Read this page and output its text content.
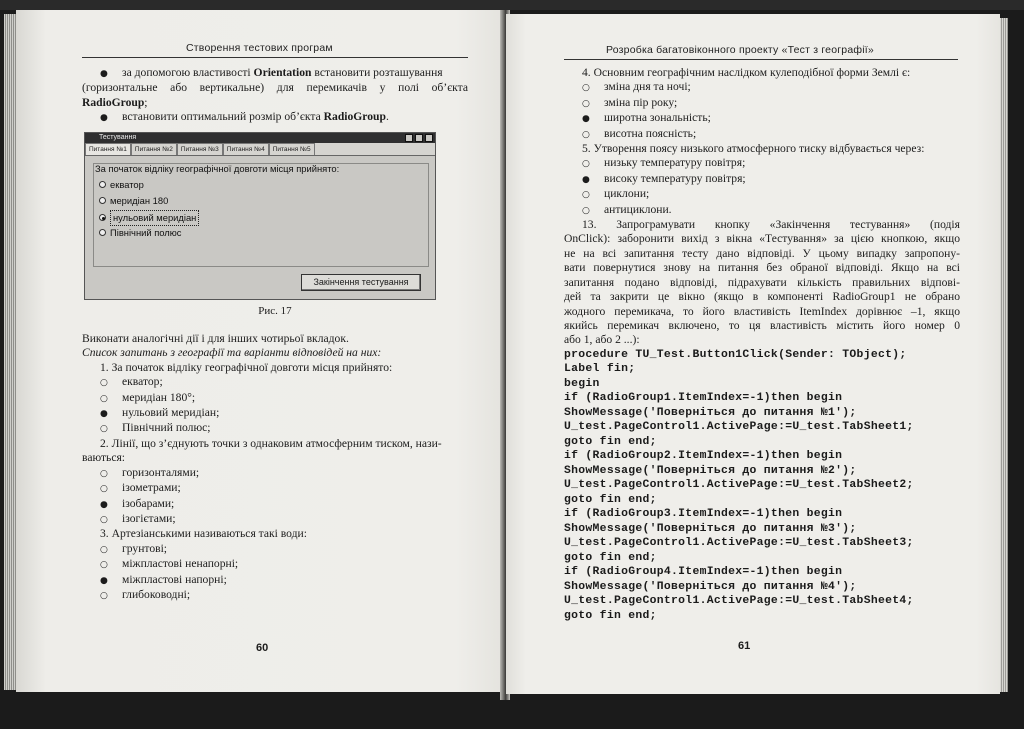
Створення тестових програм
● за допомогою властивості Orientation встановити розташування
(горизонтальне або вертикальне) для перемикачів у полі об’єкта
RadioGroup;
● встановити оптимальний розмір об’єкта RadioGroup.
Тестування
Питання №1	Питання №2	Питання №3	Питання №4	Питання №5
За початок відліку географічної довготи місця прийнято:
екватор
меридіан 180
нульовий меридіан
Північний полюс
Закінчення тестування
Рис. 17
Виконати аналогічні дії і для інших чотирьої вкладок.
Список запитань з географії та варіанти відповідей на них:
1. За початок відліку географічної довготи місця прийнято:
○ екватор;
○ меридіан 180°;
● нульовий меридіан;
○ Північний полюс;
2. Лінії, що з’єднують точки з однаковим атмосферним тиском, нази-
ваються:
○ горизонталями;
○ ізометрами;
● ізобарами;
○ ізогієтами;
3. Артезіанськими називаються такі води:
○ грунтові;
○ міжпластові ненапорні;
● міжпластові напорні;
○ глибоководні;
60
Розробка багатовіконного проекту «Тест з географії»
4. Основним географічним наслідком кулеподібної форми Землі є:
○ зміна дня та ночі;
○ зміна пір року;
● широтна зональність;
○ висотна поясність;
5. Утворення поясу низького атмосферного тиску відбувається через:
○ низьку температуру повітря;
● високу температуру повітря;
○ циклони;
○ антициклони.
13. Запрограмувати кнопку «Закінчення тестування» (подія
OnClick): заборонити вихід з вікна «Тестування» за цією кнопкою, якщо
не на всі запитання тесту дано відповіді. У цьому випадку запропону-
вати повернутися знову на питання без обраної відповіді. Якщо на всі
запитання подано відповіді, підрахувати кількість правильних відпові-
дей та закрити це вікно (якщо в компоненті RadioGroup1 не обрано
жодного перемикача, то його властивість ItemIndex дорівнює –1, якщо
якийсь перемикач включено, то ця властивість містить його номер 0
або 1, або 2 ...):
procedure TU_Test.Button1Click(Sender: TObject);
Label fin;
begin
if (RadioGroup1.ItemIndex=-1)then begin
ShowMessage('Поверніться до питання №1');
U_test.PageControl1.ActivePage:=U_test.TabSheet1;
goto fin end;
if (RadioGroup2.ItemIndex=-1)then begin
ShowMessage('Поверніться до питання №2');
U_test.PageControl1.ActivePage:=U_test.TabSheet2;
goto fin end;
if (RadioGroup3.ItemIndex=-1)then begin
ShowMessage('Поверніться до питання №3');
U_test.PageControl1.ActivePage:=U_test.TabSheet3;
goto fin end;
if (RadioGroup4.ItemIndex=-1)then begin
ShowMessage('Поверніться до питання №4');
U_test.PageControl1.ActivePage:=U_test.TabSheet4;
goto fin end;
61
